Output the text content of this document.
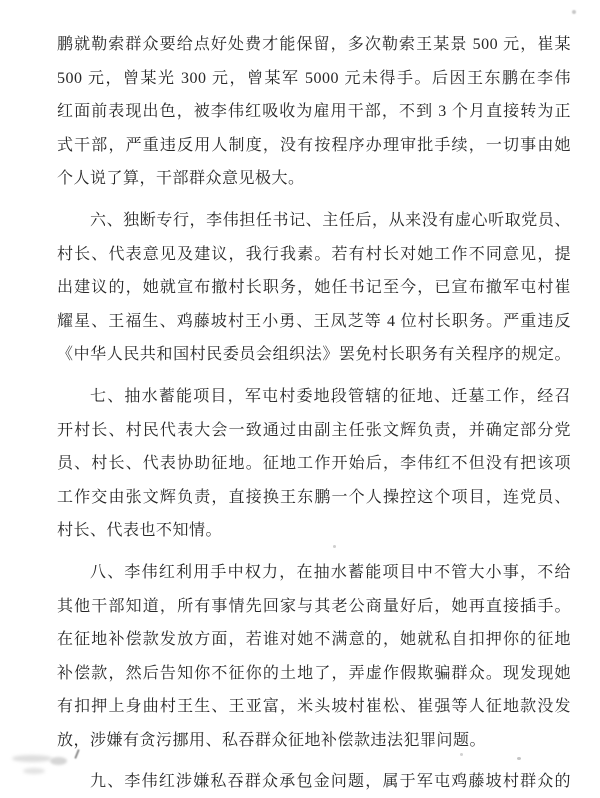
鹏就勒索群众要给点好处费才能保留，多次勒索王某景 500 元，崔某
500 元，曾某光 300 元，曾某军 5000 元未得手。后因王东鹏在李伟
红面前表现出色，被李伟红吸收为雇用干部，不到 3 个月直接转为正
式干部，严重违反用人制度，没有按程序办理审批手续，一切事由她
个人说了算，干部群众意见极大。
六、独断专行，李伟担任书记、主任后，从来没有虚心听取党员、
村长、代表意见及建议，我行我素。若有村长对她工作不同意见，提
出建议的，她就宣布撤村长职务，她任书记至今，已宣布撤军屯村崔
耀星、王福生、鸡藤坡村王小勇、王凤芝等 4 位村长职务。严重违反
《中华人民共和国村民委员会组织法》罢免村长职务有关程序的规定。
七、抽水蓄能项目，军屯村委地段管辖的征地、迁墓工作，经召
开村长、村民代表大会一致通过由副主任张文辉负责，并确定部分党
员、村长、代表协助征地。征地工作开始后，李伟红不但没有把该项
工作交由张文辉负责，直接换王东鹏一个人操控这个项目，连党员、
村长、代表也不知情。
八、李伟红利用手中权力，在抽水蓄能项目中不管大小事，不给
其他干部知道，所有事情先回家与其老公商量好后，她再直接插手。
在征地补偿款发放方面，若谁对她不满意的，她就私自扣押你的征地
补偿款，然后告知你不征你的土地了，弄虚作假欺骗群众。现发现她
有扣押上身曲村王生、王亚富，米头坡村崔松、崔强等人征地款没发
放，涉嫌有贪污挪用、私吞群众征地补偿款违法犯罪问题。
九、李伟红涉嫌私吞群众承包金问题，属于军屯鸡藤坡村群众的
